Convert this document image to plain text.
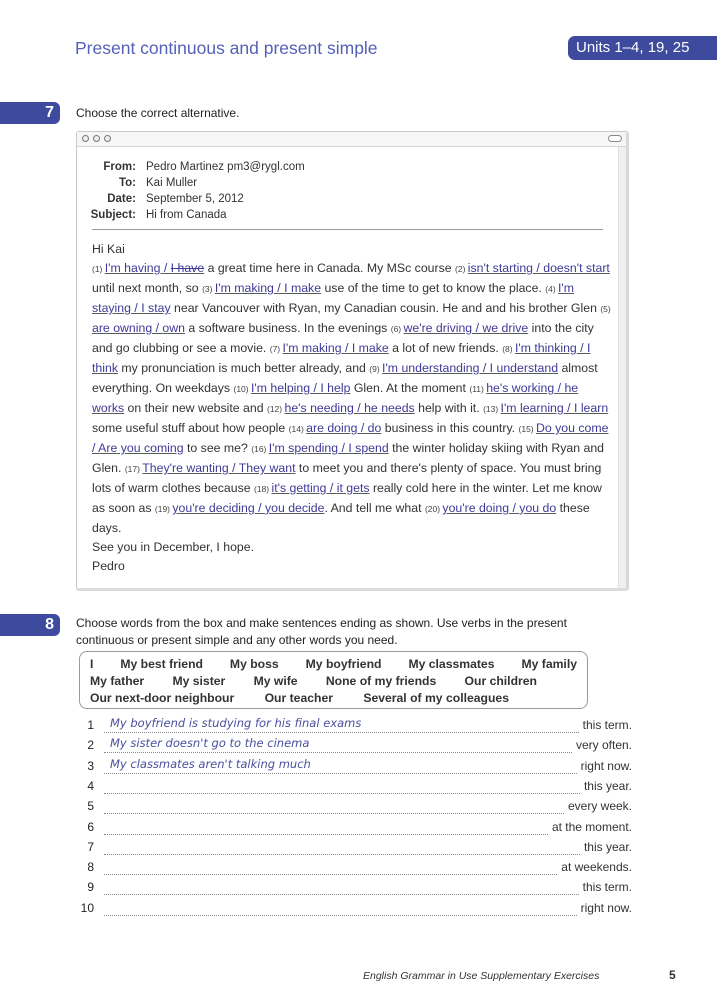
Present continuous and present simple	Units 1–4, 19, 25
7	Choose the correct alternative.
From: Pedro Martinez pm3@rygl.com
To: Kai Muller
Date: September 5, 2012
Subject: Hi from Canada

Hi Kai

(1) I'm having / I have a great time here in Canada. My MSc course (2) isn't starting / doesn't start until next month, so (3) I'm making / I make use of the time to get to know the place. (4) I'm staying / I stay near Vancouver with Ryan, my Canadian cousin. He and and his brother Glen (5) are owning / own a software business. In the evenings (6) we're driving / we drive into the city and go clubbing or see a movie. (7) I'm making / I make a lot of new friends. (8) I'm thinking / I think my pronunciation is much better already, and (9) I'm understanding / I understand almost everything. On weekdays (10) I'm helping / I help Glen. At the moment (11) he's working / he works on their new website and (12) he's needing / he needs help with it. (13) I'm learning / I learn some useful stuff about how people (14) are doing / do business in this country. (15) Do you come / Are you coming to see me? (16) I'm spending / I spend the winter holiday skiing with Ryan and Glen. (17) They're wanting / They want to meet you and there's plenty of space. You must bring lots of warm clothes because (18) it's getting / it gets really cold here in the winter. Let me know as soon as (19) you're deciding / you decide. And tell me what (20) you're doing / you do these days.

See you in December, I hope.

Pedro

8	Choose words from the box and make sentences ending as shown. Use verbs in the present
continuous or present simple and any other words you need.
I My best friend My boss My boyfriend My classmates My family
My father My sister My wife None of my friends Our children
Our next-door neighbour Our teacher Several of my colleagues
1 My boyfriend is studying for his final exams	this term.
2 My sister doesn't go to the cinema	very often.
3 My classmates aren't talking much	right now.
4	this year.
5	every week.
6	at the moment.
7	this year.
8	at weekends.
9	this term.
10	right now.
English Grammar in Use Supplementary Exercises	5
